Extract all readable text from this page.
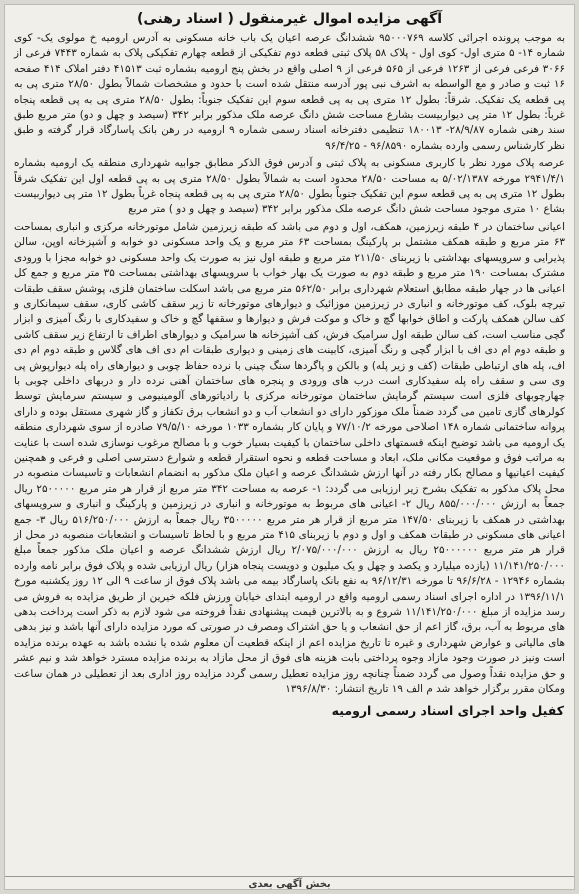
آگهی مزایده اموال غیرمنقول ( اسناد رهنی)

به موجب پرونده اجرائی کلاسه ۹۵۰۰۰۷۶۹ ششدانگ عرصه اعیان یک باب خانه مسکونی به آدرس ارومیه خ مولوی یک- کوی شماره ۱۴- ۵ متری اول- کوی اول - پلاک ۵۸ پلاک ثبتی قطعه دوم تفکیکی از قطعه چهارم تفکیکی پلاک به شماره ۷۴۴۳ فرعی از ۳۰۶۶ فرعی فرعی از ۱۲۶۳ فرعی از ۵۶۵ فرعی از ۹ اصلی واقع در بخش پنج ارومیه بشماره ثبت ۴۱۵۱۳ دفتر املاک ۴۱۴ صفحه ۱۶ ثبت و صادر و مع الواسطه به اشرف نبی پور آدرسه منتقل شده است با حدود و مشخصات شمالاً بطول ۲۸/۵۰ متری پی به پی قطعه یک تفکیک. شرقاً: بطول ۱۲ متری پی به پی قطعه سوم این تفکیک جنوباً: بطول ۲۸/۵۰ متری پی به پی قطعه پنجاه غرباً: بطول ۱۲ متر پی دیواربیست بشارع مساحت شش دانگ عرصه ملک مذکور برابر ۳۴۲ (سیصد و چهل و دو) متر مربع طبق سند رهنی شماره ۲۸/۹/۸۷- ۱۸۰۰۱۳ تنظیمی دفترخانه اسناد رسمی شماره ۹ ارومیه در رهن بانک پاسارگاد قرار گرفته و طبق نظر کارشناس رسمی وارده بشماره ۹۶/۸۵۹۰ - ۹۶/۴/۲۵

عرصه پلاک مورد نظر با کاربری مسکونی به پلاک ثبتی و آدرس فوق الذکر مطابق جوابیه شهرداری منطقه یک ارومیه بشماره ۲۹۴۱/۴/۱ مورخه ۵/۰۲/۱۳۸۷ به مساحت ۲۸/۵۰ محدود است به شمالاً بطول ۲۸/۵۰ متری پی به پی قطعه اول این تفکیک شرقاً بطول ۱۲ متری پی به پی قطعه سوم این تفکیک جنوباً بطول ۲۸/۵۰ متری پی به پی قطعه پنجاه غرباً بطول ۱۲ متر پی دیواربیست بشاع ۱۰ متری موجود مساحت شش دانگ عرصه ملک مذکور برابر ۳۴۲ (سیصد و چهل و دو ) متر مربع

اعیانی ساختمان در ۴ طبقه زیرزمین، همکف، اول و دوم می باشد که طبقه زیرزمین شامل موتورخانه مرکزی و انباری بمساحت ۶۳ متر مربع و طبقه همکف مشتمل بر پارکینگ بمساحت ۶۳ متر مربع و یک واحد مسکونی دو خوابه و آشپزخانه اوپن، سالن پذیرایی و سرویسهای بهداشتی با زیربنای ۲۱۱/۵۰ متر مربع و طبقه اول نیز به صورت یک واحد مسکونی دو خوابه مجزا با ورودی مشترک بمساحت ۱۹۰ متر مربع و طبقه دوم به صورت یک بهار خواب با سرویسهای بهداشتی بمساحت ۳۵ متر مربع و جمع کل اعیانی ها در جهار طبقه مطابق استعلام شهرداری برابر ۵۶۲/۵۰ متر مربع می باشد اسکلت ساختمان فلزی، پوشش سقف طبقات تیرچه بلوک، کف موتورخانه و انباری در زیرزمین موزائیک و دیوارهای موتورخانه تا زیر سقف کاشی کاری، سقف سیمانکاری و کف سالن همکف پارکت و اطاق خوابها گچ و خاک و موکت فرش و دیوارها و سقفها گچ و خاک و سفیدکاری با رنگ آمیزی و ابزار گچی مناسب است، کف سالن طبقه اول سرامیک فرش، کف آشپزخانه ها سرامیک و دیوارهای اطراف تا ارتفاع زیر سقف کاشی و طبقه دوم ام دی اف با ابزار گچی و رنگ آمیزی، کابینت های زمینی و دیواری طبقات ام دی اف های گلاس و طبقه دوم ام دی اف، پله های ارتباطی طبقات (کف و زیر پله) و بالکن و پاگردها سنگ چینی با نرده حفاظ چوبی و دیوارهای راه پله دیوارپوش پی وی سی و سقف راه پله سفیدکاری است درب های ورودی و پنجره های ساختمان آهنی نرده دار و دربهای داخلی چوبی با چهارچوبهای فلزی است سیستم گرمایش ساختمان موتورخانه مرکزی با رادیاتورهای آلومینیومی و سیستم سرمایش توسط کولرهای گازی تامین می گردد ضمناً ملک موزکور دارای دو انشعاب آب و دو انشعاب برق تکفاز و گاز شهری مستقل بوده و دارای پروانه ساختمانی شماره ۱۴۸ اصلاحی مورخه ۷۷/۱۰/۲ و پایان کار بشماره ۱۰۳۳ مورخه ۷۹/۵/۱۰ صادره از سوی شهرداری منطقه یک ارومیه می باشد توضیح اینکه قسمتهای داخلی ساختمان با کیفیت بسیار خوب و با مصالح مرغوب نوسازی شده است با عنایت به مراتب فوق و موقعیت مکانی ملک، ابعاد و مساحت قطعه و نحوه استقرار قطعه و شوارع دسترسی اصلی و فرعی و همچنین کیفیت اعیانیها و مصالح بکار رفته در آنها ارزش ششدانگ عرصه و اعیان ملک مذکور به انضمام انشعابات و تاسیسات منصوبه در محل پلاک مذکور به تفکیک بشرح زیر ارزیابی می گردد: ۱- عرصه به مساحت ۳۴۲ متر مربع از قرار هر متر مربع ۲۵۰۰۰۰۰ ریال جمعاً به ارزش ۸۵۵/۰۰۰/۰۰۰ ریال ۲- اعیانی های مربوط به موتورخانه و انباری در زیرزمین و پارکینگ و انباری و سرویسهای بهداشتی در همکف با زیربنای ۱۴۷/۵۰ متر مربع از قرار هر متر مربع ۳۵۰۰۰۰۰ ریال جمعاً به ارزش ۵۱۶/۲۵۰/۰۰۰ ریال ۳- جمع اعیانی های مسکونی در طبقات همکف و اول و دوم با زیربنای ۴۱۵ متر مربع و با لحاظ تاسیسات و انشعابات منصوبه در محل از قرار هر متر مربع ۲۵۰۰۰۰۰۰ ریال به ارزش ۲/۰۷۵/۰۰۰/۰۰۰ ریال ارزش ششدانگ عرصه و اعیان ملک مذکور جمعاً مبلغ ۱۱/۱۴۱/۲۵۰/۰۰۰ (یازده میلیارد و یکصد و چهل و یک میلیون و دویست پنجاه هزار) ریال ارزیابی شده و پلاک فوق برابر نامه وارده بشماره ۱۲۹۴۶ - ۹۶/۶/۲۸ تا مورخه ۹۶/۱۲/۳۱ به نفع بانک پاسارگاد بیمه می باشد پلاک فوق از ساعت ۹ الی ۱۲ روز یکشنبه مورخ ۱۳۹۶/۱۱/۱ در اداره اجرای اسناد رسمی ارومیه واقع در ارومیه ابتدای خیابان ورزش فلکه خیرین از طریق مزایده به فروش می رسد مزایده از مبلغ ۱۱/۱۴۱/۲۵۰/۰۰۰ شروع و به بالاترین قیمت پیشنهادی نقداً فروخته می شود لازم به ذکر است پرداخت بدهی های مربوط به آب، برق، گاز اعم از حق انشعاب و یا حق اشتراک ومصرف در صورتی که مورد مزایده دارای آنها باشد و نیز بدهی های مالیاتی و عوارض شهرداری و غیره تا تاریخ مزایده اعم از اینکه قطعیت آن معلوم شده یا نشده باشد به عهده برنده مزایده است ونیز در صورت وجود مازاد وجوه پرداختی بابت هزینه های فوق از محل مازاد به برنده مزایده مسترد خواهد شد و نیم عشر و حق مزایده نقداً وصول می گردد ضمناً چنانچه روز مزایده تعطیل رسمی گردد مزایده روز اداری بعد از تعطیلی در همان ساعت ومکان مقرر برگزار خواهد شد م الف ۱۹ تاریخ انتشار: ۱۳۹۶/۸/۳۰

کفیل واحد اجرای اسناد رسمی ارومیه
بخش آگهی بعدی
